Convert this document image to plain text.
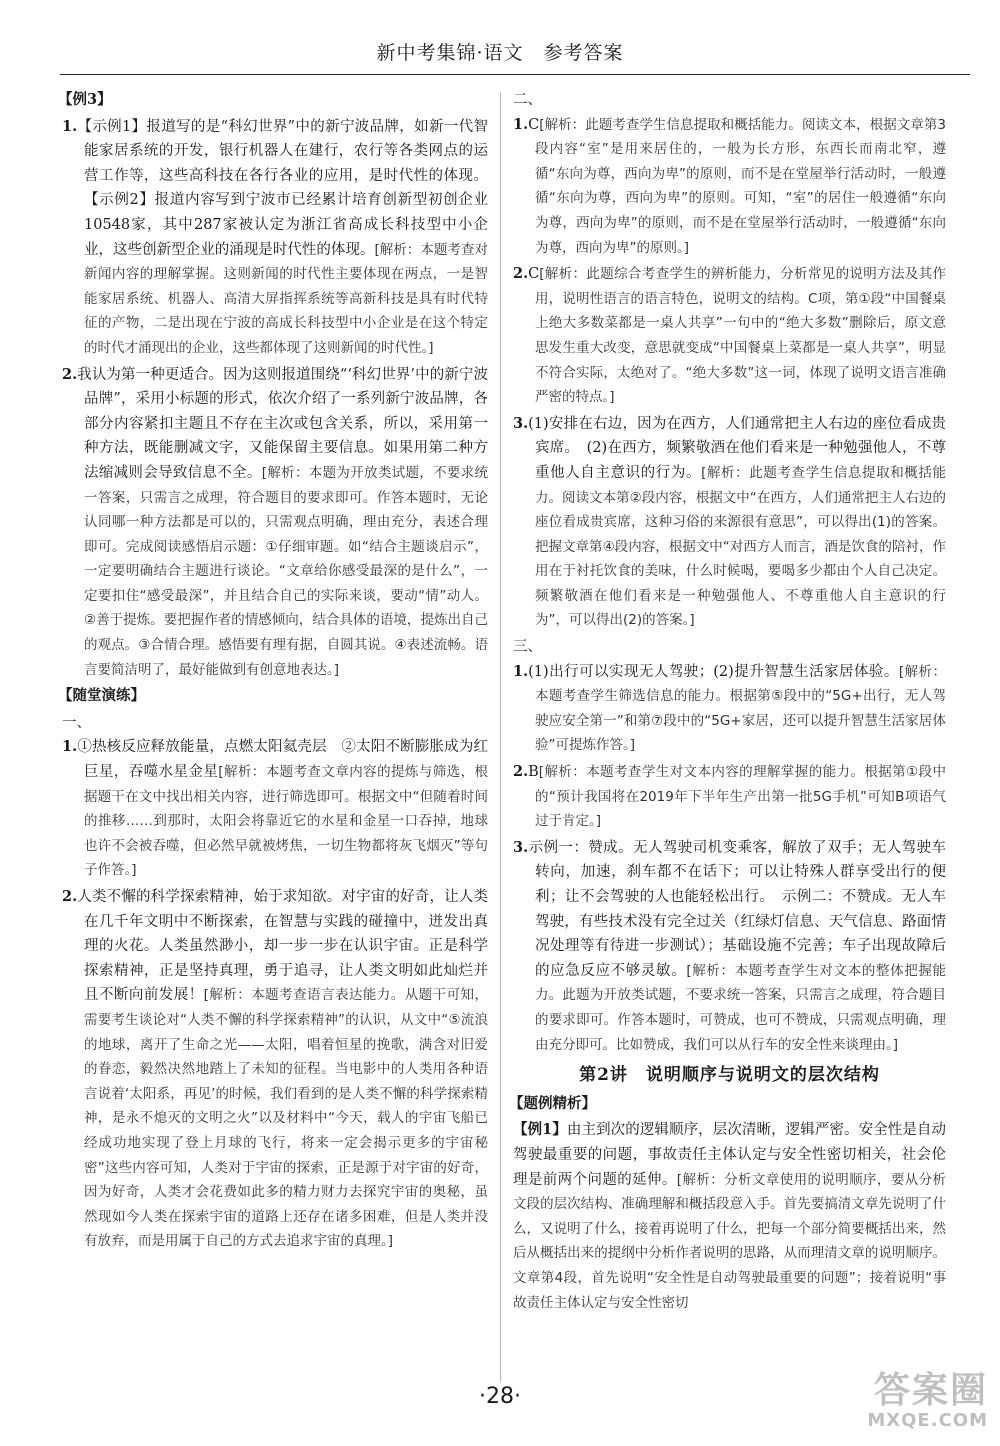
新中考集锦·语文　参考答案
【例3】
1.【示例1】报道写的是“科幻世界”中的新宁波品牌，如新一代智能家居系统的开发，银行机器人在建行，农行等各类网点的运营工作等，这些高科技在各行各业的应用，是时代性的体现。【示例2】报道内容写到宁波市已经累计培育创新型初创企业10548家，其中287家被认定为浙江省高成长科技型中小企业，这些创新型企业的涌现是时代性的体现。[解析：本题考查对新闻内容的理解掌握。这则新闻的时代性主要体现在两点，一是智能家居系统、机器人、高清大屏指挥系统等高新科技是具有时代特征的产物，二是出现在宁波的高成长科技型中小企业是在这个特定的时代才涌现出的企业，这些都体现了这则新闻的时代性。]
2.我认为第一种更适合。因为这则报道围绕“‘科幻世界’中的新宁波品牌”，采用小标题的形式，依次介绍了一系列新宁波品牌，各部分内容紧扣主题且不存在主次或包含关系，所以，采用第一种方法，既能删减文字，又能保留主要信息。如果用第二种方法缩减则会导致信息不全。[解析：本题为开放类试题，不要求统一答案，只需言之成理，符合题目的要求即可。作答本题时，无论认同哪一种方法都是可以的，只需观点明确，理由充分，表述合理即可。完成阅读感悟启示题：①仔细审题。如“结合主题谈启示”，一定要明确结合主题进行谈论。“文章给你感受最深的是什么”，一定要扣住“感受最深”，并且结合自己的实际来谈，要动“情”动人。②善于提炼。要把握作者的情感倾向，结合具体的语境，提炼出自己的观点。③合情合理。感悟要有理有据，自圆其说。④表述流畅。语言要简洁明了，最好能做到有创意地表达。]
【随堂演练】
一、
1.①热核反应释放能量，点燃太阳氦壳层　②太阳不断膨胀成为红巨星，吞噬水星金星[解析：本题考查文章内容的提炼与筛选，根据题干在文中找出相关内容，进行筛选即可。根据文中“但随着时间的推移……到那时，太阳会将靠近它的水星和金星一口吞掉，地球也许不会被吞噬，但必然早就被烤焦，一切生物都将灰飞烟灭”等句子作答。]
2.人类不懈的科学探索精神，始于求知欲。对宇宙的好奇，让人类在几千年文明中不断探索，在智慧与实践的碰撞中，迸发出真理的火花。人类虽然渺小，却一步一步在认识宇宙。正是科学探索精神，正是坚持真理，勇于追寻，让人类文明如此灿烂并且不断向前发展！[解析：本题考查语言表达能力。从题干可知，需要考生谈论对“人类不懈的科学探索精神”的认识，从文中“⑤流浪的地球，离开了生命之光——太阳，唱着恒星的挽歌，满含对旧爱的眷恋，毅然决然地踏上了未知的征程。当电影中的人类用各种语言说着‘太阳系，再见’的时候，我们看到的是人类不懈的科学探索精神，是永不熄灭的文明之火”以及材料中“今天，载人的宇宙飞船已经成功地实现了登上月球的飞行，将来一定会揭示更多的宇宙秘密”这些内容可知，人类对于宇宙的探索，正是源于对宇宙的好奇，因为好奇，人类才会花费如此多的精力财力去探究宇宙的奥秘，虽然现如今人类在探索宇宙的道路上还存在诸多困难，但是人类并没有放弃，而是用属于自己的方式去追求宇宙的真理。]
二、
1.C[解析：此题考查学生信息提取和概括能力。阅读文本，根据文章第3段内容“室”是用来居住的，一般为长方形，东西长而南北窄，遵循“东向为尊，西向为卑”的原则，而不是在堂屋举行活动时，一般遵循“东向为尊，西向为卑”的原则。可知，“室”的居住一般遵循“东向为尊，西向为卑”的原则，而不是在堂屋举行活动时，一般遵循“东向为尊，西向为卑”的原则。]
2.C[解析：此题综合考查学生的辨析能力，分析常见的说明方法及其作用，说明性语言的语言特色，说明文的结构。C项，第①段“中国餐桌上绝大多数菜都是一桌人共享”一句中的“绝大多数”删除后，原文意思发生重大改变，意思就变成“中国餐桌上菜都是一桌人共享”，明显不符合实际，太绝对了。“绝大多数”这一词，体现了说明文语言准确严密的特点。]
3.(1)安排在右边，因为在西方，人们通常把主人右边的座位看成贵宾席。　(2)在西方，频繁敬酒在他们看来是一种勉强他人，不尊重他人自主意识的行为。[解析：此题考查学生信息提取和概括能力。阅读文本第②段内容，根据文中“在西方，人们通常把主人右边的座位看成贵宾席，这种习俗的来源很有意思”，可以得出(1)的答案。把握文章第④段内容，根据文中“对西方人而言，酒是饮食的陪衬，作用在于衬托饮食的美味，什么时候喝，要喝多少都由个人自己决定。频繁敬酒在他们看来是一种勉强他人、不尊重他人自主意识的行为”，可以得出(2)的答案。]
三、
1.(1)出行可以实现无人驾驶；(2)提升智慧生活家居体验。[解析：本题考查学生筛选信息的能力。根据第⑤段中的“5G+出行，无人驾驶应安全第一”和第⑦段中的“5G+家居，还可以提升智慧生活家居体验”可提炼作答。]
2.B[解析：本题考查学生对文本内容的理解掌握的能力。根据第①段中的“预计我国将在2019年下半年生产出第一批5G手机”可知B项语气过于肯定。]
3.示例一：赞成。无人驾驶司机变乘客，解放了双手；无人驾驶车转向，加速，刹车都不在话下；可以让特殊人群享受出行的便利；让不会驾驶的人也能轻松出行。　示例二：不赞成。无人车驾驶，有些技术没有完全过关（红绿灯信息、天气信息、路面情况处理等有待进一步测试）；基础设施不完善；车子出现故障后的应急反应不够灵敏。[解析：本题考查学生对文本的整体把握能力。此题为开放类试题，不要求统一答案，只需言之成理，符合题目的要求即可。作答本题时，可赞成，也可不赞成，只需观点明确，理由充分即可。比如赞成，我们可以从行车的安全性来谈理由。]
第2讲　说明顺序与说明文的层次结构
【题例精析】
【例1】由主到次的逻辑顺序，层次清晰，逻辑严密。安全性是自动驾驶最重要的问题，事故责任主体认定与安全性密切相关，社会伦理是前两个问题的延伸。[解析：分析文章使用的说明顺序，要从分析文段的层次结构、准确理解和概括段意入手。首先要搞清文章先说明了什么，又说明了什么，接着再说明了什么，把每一个部分简要概括出来，然后从概括出来的提纲中分析作者说明的思路，从而理清文章的说明顺序。文章第4段，首先说明“安全性是自动驾驶最重要的问题”；接着说明“事故责任主体认定与安全性密切
·28·	答案圈
MXQE.COM
